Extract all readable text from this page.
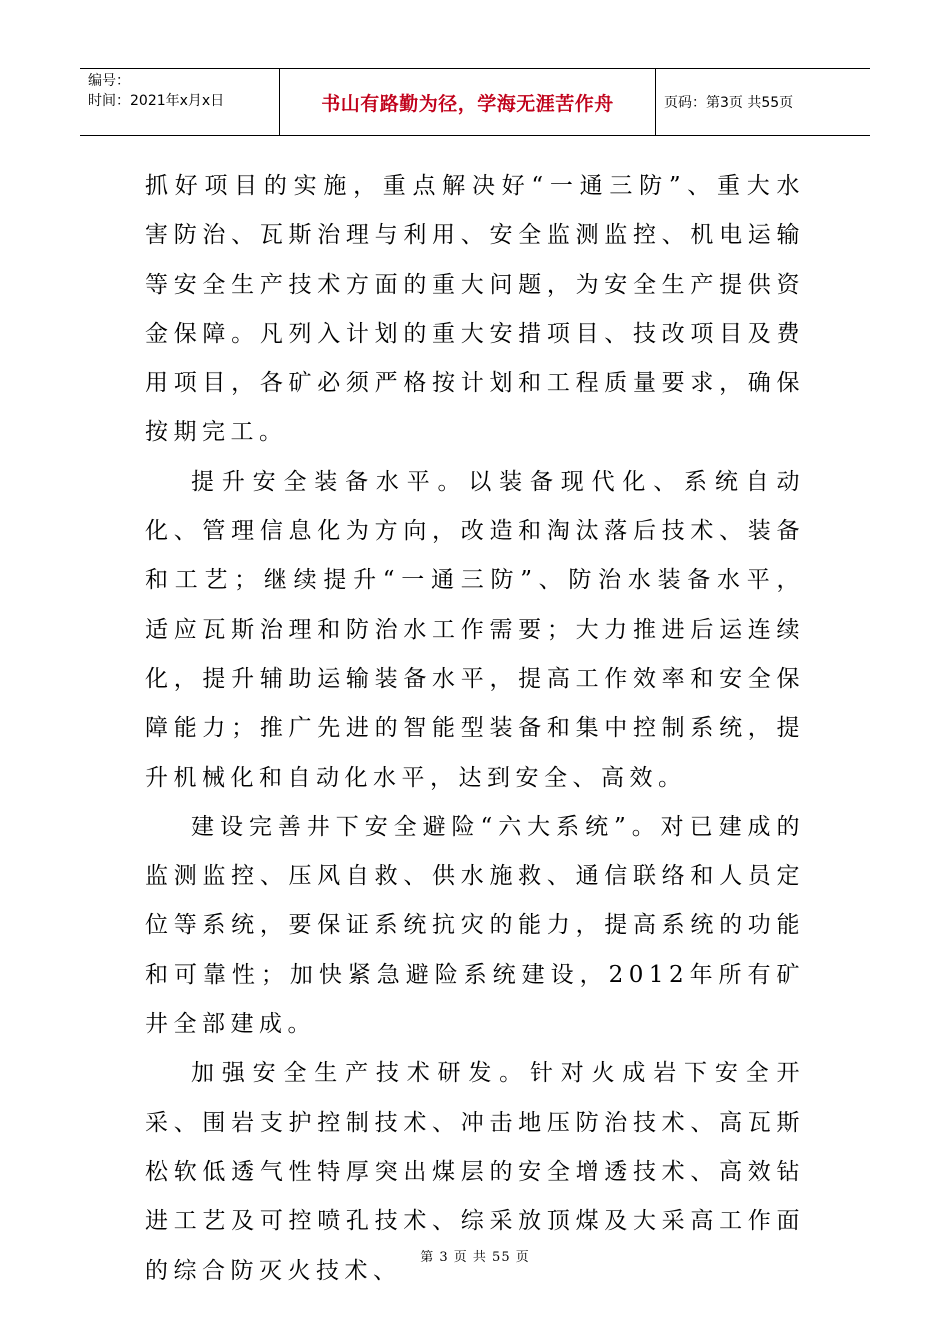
编号：
时间：2021年x月x日	书山有路勤为径，学海无涯苦作舟	页码：第3页 共55页

抓好项目的实施，重点解决好“一通三防”、重大水害防治、瓦斯治理与利用、安全监测监控、机电运输等安全生产技术方面的重大问题，为安全生产提供资金保障。凡列入计划的重大安措项目、技改项目及费用项目，各矿必须严格按计划和工程质量要求，确保按期完工。

提升安全装备水平。以装备现代化、系统自动化、管理信息化为方向，改造和淘汰落后技术、装备和工艺；继续提升“一通三防”、防治水装备水平，适应瓦斯治理和防治水工作需要；大力推进后运连续化，提升辅助运输装备水平，提高工作效率和安全保障能力；推广先进的智能型装备和集中控制系统，提升机械化和自动化水平，达到安全、高效。

建设完善井下安全避险“六大系统”。对已建成的监测监控、压风自救、供水施救、通信联络和人员定位等系统，要保证系统抗灾的能力，提高系统的功能和可靠性；加快紧急避险系统建设，2012年所有矿井全部建成。

加强安全生产技术研发。针对火成岩下安全开采、围岩支护控制技术、冲击地压防治技术、高瓦斯松软低透气性特厚突出煤层的安全增透技术、高效钻进工艺及可控喷孔技术、综采放顶煤及大采高工作面的综合防灭火技术、

第 3 页 共 55 页
